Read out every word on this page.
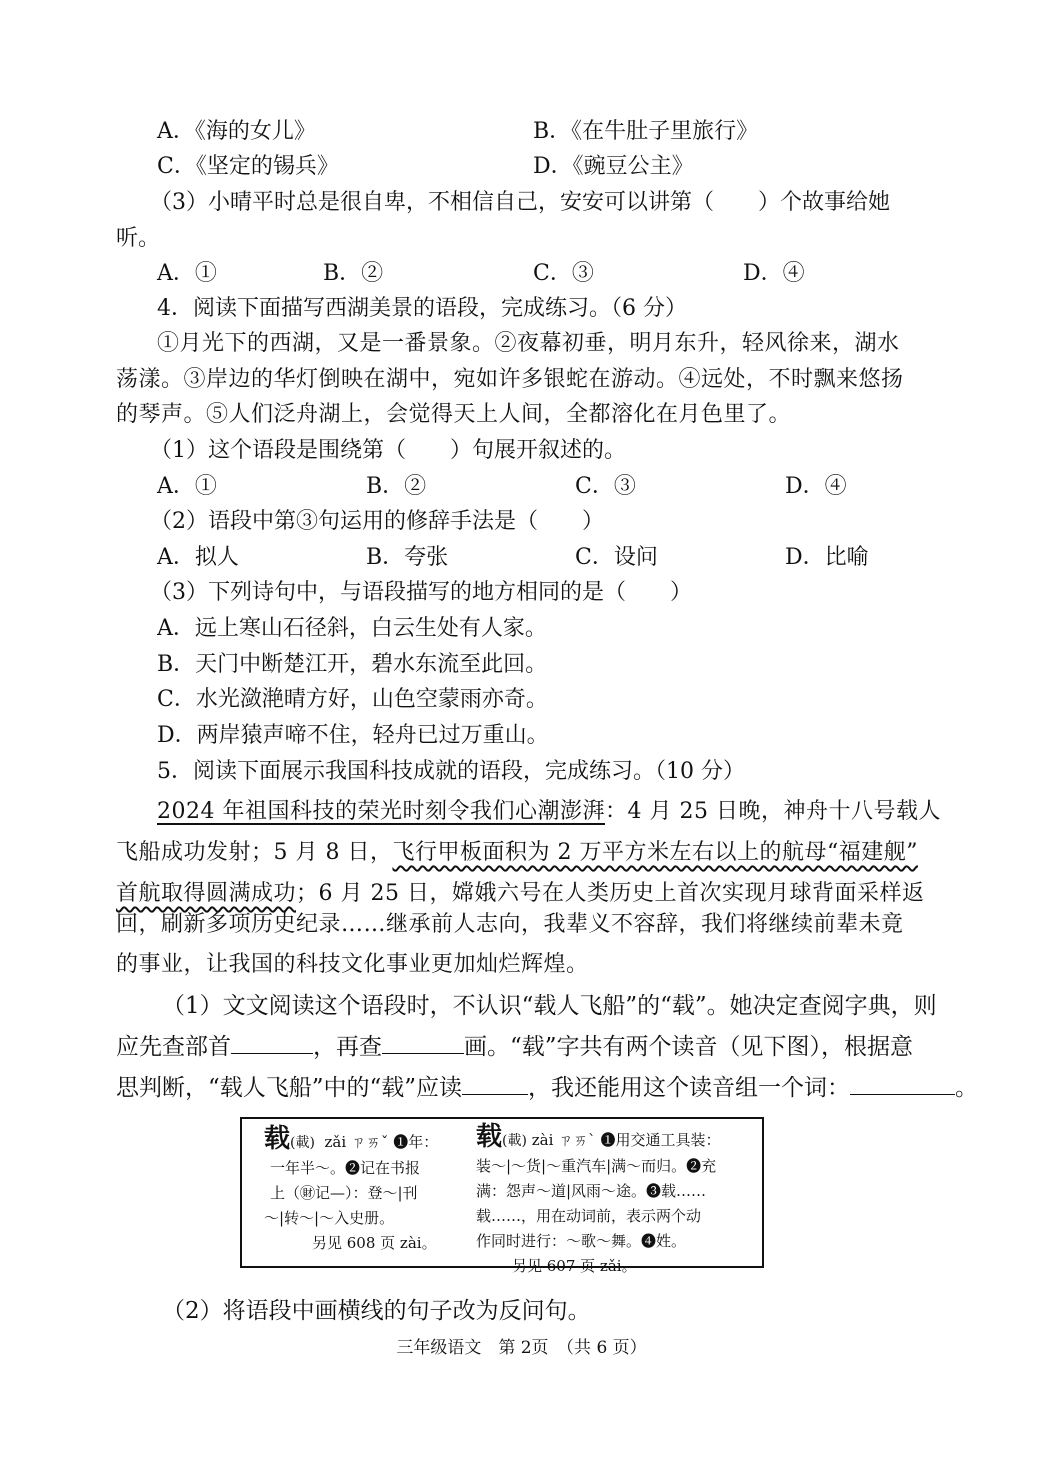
A．《海的女儿》	B．《在牛肚子里旅行》
C．《坚定的锡兵》	D．《豌豆公主》
（3）小晴平时总是很自卑，不相信自己，安安可以讲第（　　）个故事给她
听。
A．①	B．②	C．③	D．④
4．阅读下面描写西湖美景的语段，完成练习。（6 分）
①月光下的西湖，又是一番景象。②夜幕初垂，明月东升，轻风徐来，湖水
荡漾。③岸边的华灯倒映在湖中，宛如许多银蛇在游动。④远处，不时飘来悠扬
的琴声。⑤人们泛舟湖上，会觉得天上人间，全都溶化在月色里了。
（1）这个语段是围绕第（　　）句展开叙述的。
A．①	B．②	C．③	D．④
（2）语段中第③句运用的修辞手法是（　　）
A．拟人	B．夸张	C．设问	D．比喻
（3）下列诗句中，与语段描写的地方相同的是（　　）
A．远上寒山石径斜，白云生处有人家。
B．天门中断楚江开，碧水东流至此回。
C．水光潋滟晴方好，山色空蒙雨亦奇。
D．两岸猿声啼不住，轻舟已过万重山。
5．阅读下面展示我国科技成就的语段，完成练习。（10 分）
2024 年祖国科技的荣光时刻令我们心潮澎湃：4 月 25 日晚，神舟十八号载人
飞船成功发射；5 月 8 日，飞行甲板面积为 2 万平方米左右以上的航母“福建舰”
首航取得圆满成功；6 月 25 日，嫦娥六号在人类历史上首次实现月球背面采样返
回，刷新多项历史纪录……继承前人志向，我辈义不容辞，我们将继续前辈未竟
的事业，让我国的科技文化事业更加灿烂辉煌。
（1）文文阅读这个语段时，不认识“载人飞船”的“载”。她决定查阅字典，则
应先查部首	，再查	画。“载”字共有两个读音（见下图），根据意
思判断，“载人飞船”中的“载”应读	，我还能用这个读音组一个词：	。
载(載) zǎi ㄗㄞˇ ❶年：
一年半～。❷记在书报
上（㊖记—）：登～|刊
～|转～|～入史册。
另见 608 页 zài。
载(載) zài ㄗㄞˋ ❶用交通工具装：
装～|～货|～重汽车|满～而归。❷充
满：怨声～道|风雨～途。❸载……
载……，用在动词前，表示两个动
作同时进行：～歌～舞。❹姓。
另见 607 页 zǎi。
（2）将语段中画横线的句子改为反问句。
三年级语文　第 2页　（共 6 页）
